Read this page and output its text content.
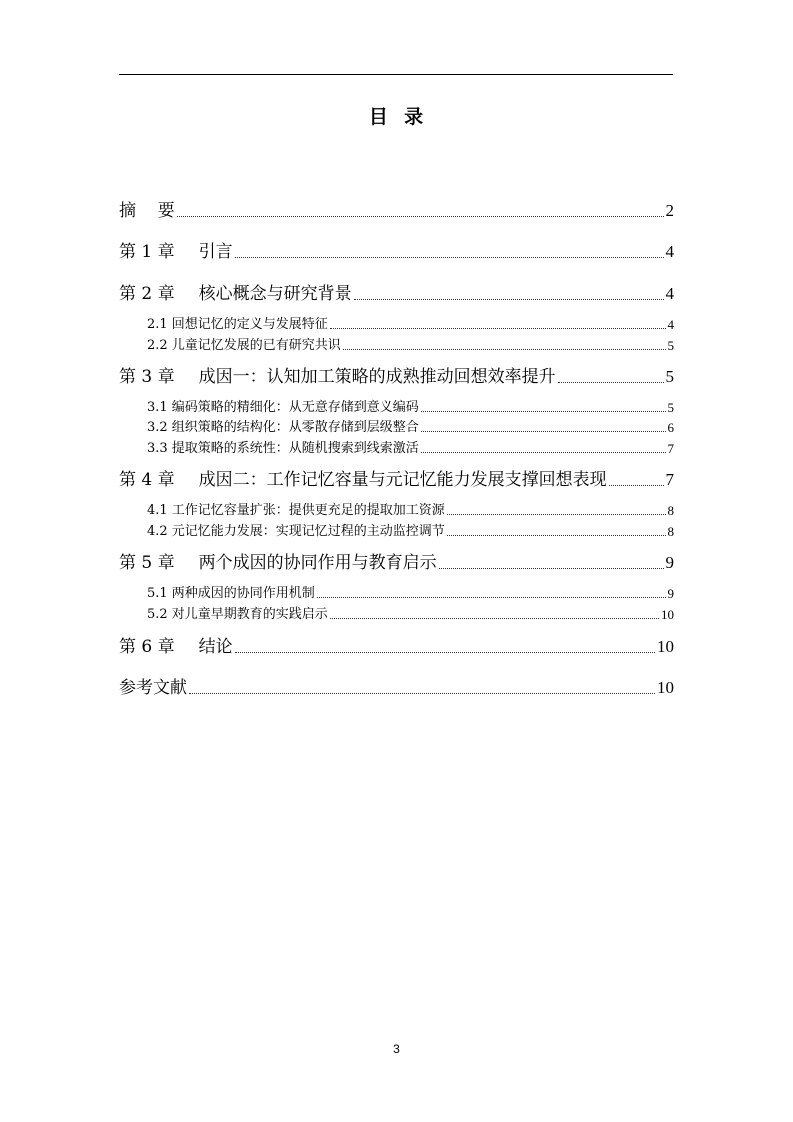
目  录
摘    要	2
第 1 章 引言	4
第 2 章 核心概念与研究背景	4
2.1 回想记忆的定义与发展特征	4
2.2 儿童记忆发展的已有研究共识	5
第 3 章 成因一：认知加工策略的成熟推动回想效率提升	5
3.1 编码策略的精细化：从无意存储到意义编码	5
3.2 组织策略的结构化：从零散存储到层级整合	6
3.3 提取策略的系统性：从随机搜索到线索激活	7
第 4 章 成因二：工作记忆容量与元记忆能力发展支撑回想表现	7
4.1 工作记忆容量扩张：提供更充足的提取加工资源	8
4.2 元记忆能力发展：实现记忆过程的主动监控调节	8
第 5 章 两个成因的协同作用与教育启示	9
5.1 两种成因的协同作用机制	9
5.2 对儿童早期教育的实践启示	10
第 6 章 结论	10
参考文献	10
3
